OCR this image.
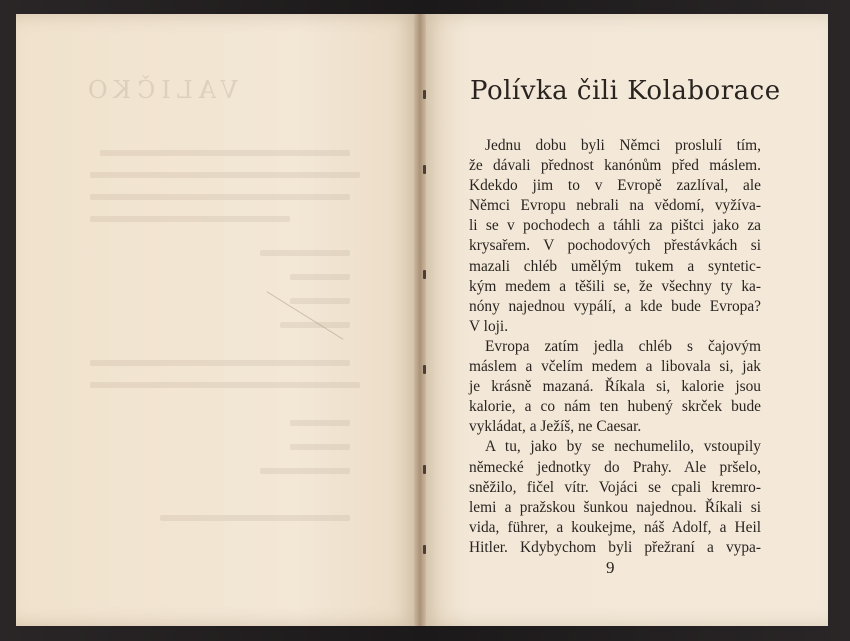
VALIČKO	Polívka čili Kolaborace
Jednu dobu byli Němci proslulí tím,
že dávali přednost kanónům před máslem.
Kdekdo jim to v Evropě zazlíval, ale
Němci Evropu nebrali na vědomí, vyžíva-
li se v pochodech a táhli za pištci jako za
krysařem. V pochodových přestávkách si
mazali chléb umělým tukem a syntetic-
kým medem a těšili se, že všechny ty ka-
nóny najednou vypálí, a kde bude Evropa?
V loji.
Evropa zatím jedla chléb s čajovým
máslem a včelím medem a libovala si, jak
je krásně mazaná. Říkala si, kalorie jsou
kalorie, a co nám ten hubený skrček bude
vykládat, a Ježíš, ne Caesar.
A tu, jako by se nechumelilo, vstoupily
německé jednotky do Prahy. Ale pršelo,
sněžilo, fičel vítr. Vojáci se cpali kremro-
lemi a pražskou šunkou najednou. Říkali si
vida, führer, a koukejme, náš Adolf, a Heil
Hitler. Kdybychom byli přežraní a vypa-
9
